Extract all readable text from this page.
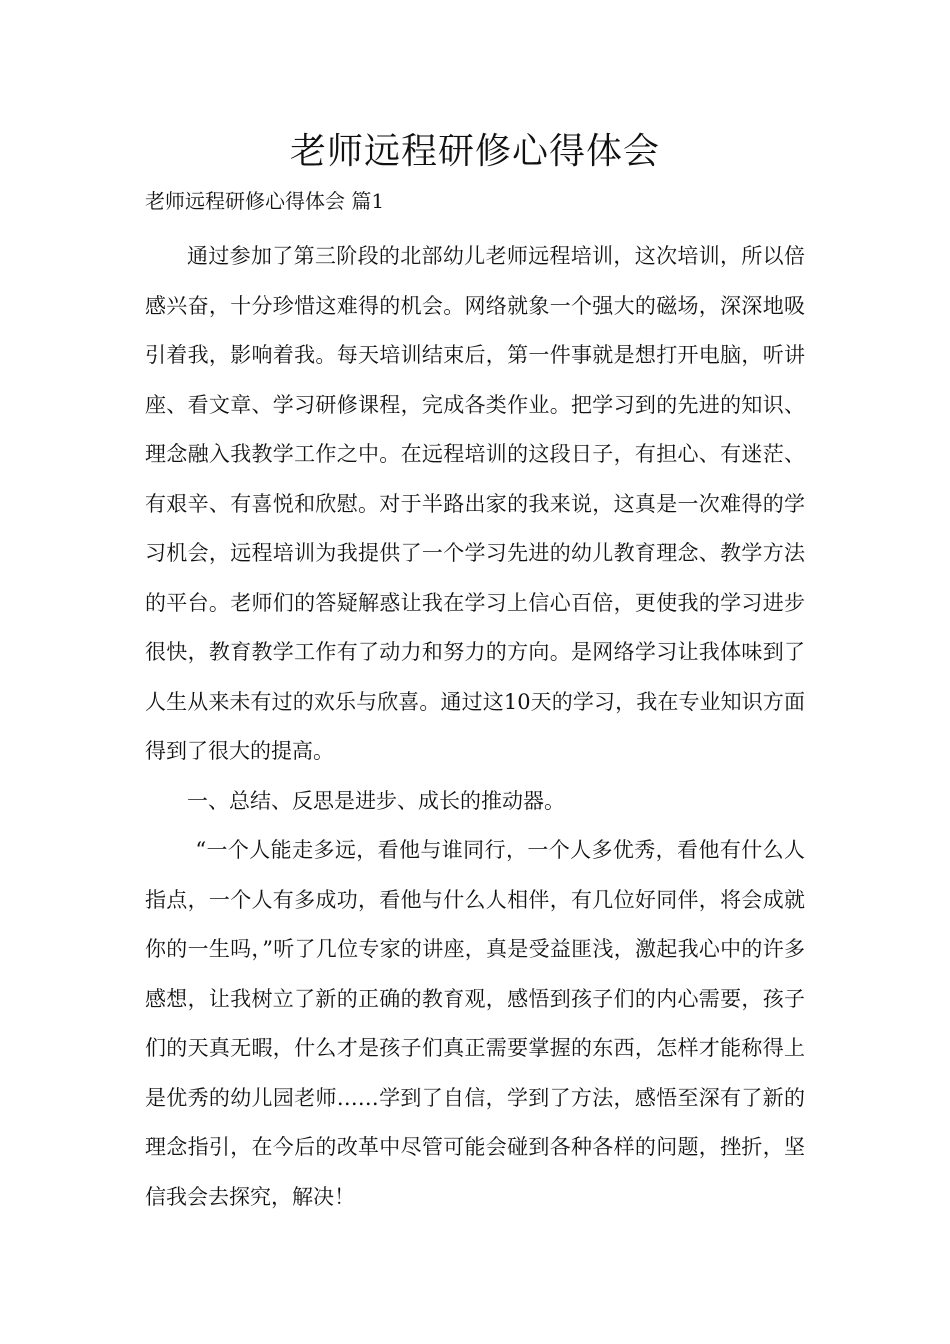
老师远程研修心得体会
老师远程研修心得体会 篇1

通过参加了第三阶段的北部幼儿老师远程培训，这次培训，所以倍感兴奋，十分珍惜这难得的机会。网络就象一个强大的磁场，深深地吸引着我，影响着我。每天培训结束后，第一件事就是想打开电脑，听讲座、看文章、学习研修课程，完成各类作业。把学习到的先进的知识、理念融入我教学工作之中。在远程培训的这段日子，有担心、有迷茫、有艰辛、有喜悦和欣慰。对于半路出家的我来说，这真是一次难得的学习机会，远程培训为我提供了一个学习先进的幼儿教育理念、教学方法的平台。老师们的答疑解惑让我在学习上信心百倍，更使我的学习进步很快，教育教学工作有了动力和努力的方向。是网络学习让我体味到了人生从来未有过的欢乐与欣喜。通过这10天的学习，我在专业知识方面得到了很大的提高。

一、总结、反思是进步、成长的推动器。

“一个人能走多远，看他与谁同行，一个人多优秀，看他有什么人指点，一个人有多成功，看他与什么人相伴，有几位好同伴，将会成就你的一生吗，”听了几位专家的讲座，真是受益匪浅，激起我心中的许多感想，让我树立了新的正确的教育观，感悟到孩子们的内心需要，孩子们的天真无暇，什么才是孩子们真正需要掌握的东西，怎样才能称得上是优秀的幼儿园老师……学到了自信，学到了方法，感悟至深有了新的理念指引，在今后的改革中尽管可能会碰到各种各样的问题，挫折，坚信我会去探究，解决！
